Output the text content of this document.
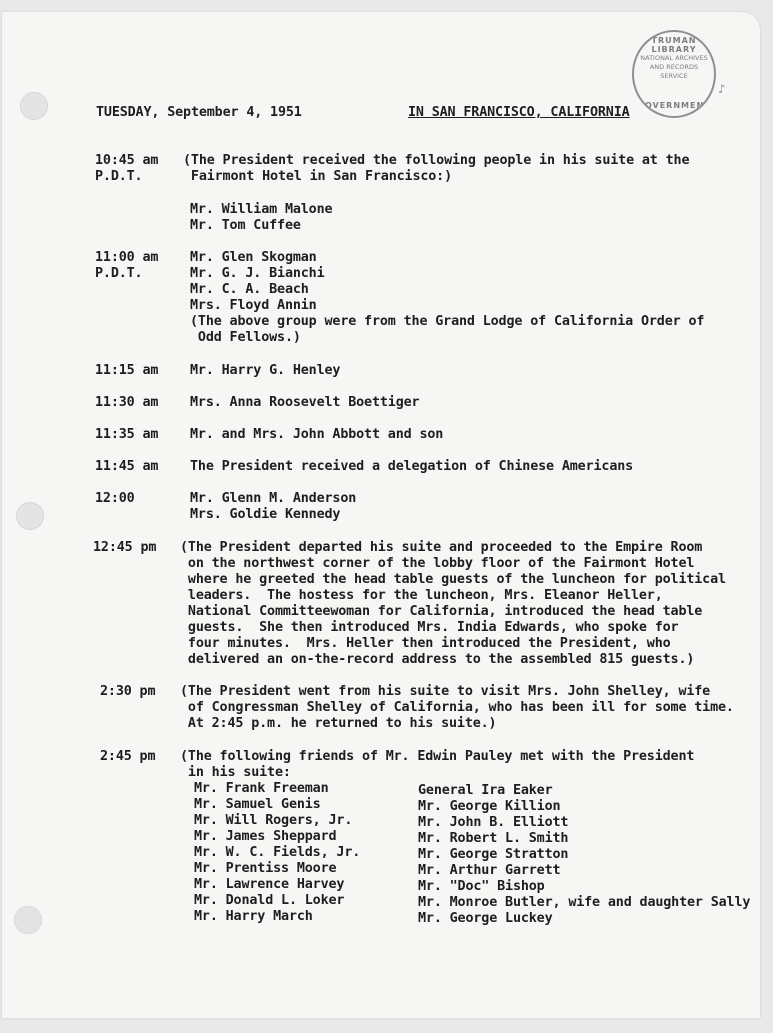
TRUMAN LIBRARY
NATIONAL ARCHIVES AND RECORDS SERVICE
GOVERNMENT
♪
TUESDAY, September 4, 1951	IN SAN FRANCISCO, CALIFORNIA
10:45 am
P.D.T.
(The President received the following people in his suite at the
Fairmont Hotel in San Francisco:)
Mr. William Malone
Mr. Tom Cuffee
11:00 am
P.D.T.
Mr. Glen Skogman
Mr. G. J. Bianchi
Mr. C. A. Beach
Mrs. Floyd Annin
(The above group were from the Grand Lodge of California Order of
Odd Fellows.)
11:15 am Mr. Harry G. Henley
11:30 am Mrs. Anna Roosevelt Boettiger
11:35 am Mr. and Mrs. John Abbott and son
11:45 am The President received a delegation of Chinese Americans
12:00	Mr. Glenn M. Anderson
Mrs. Goldie Kennedy
12:45 pm (The President departed his suite and proceeded to the Empire Room
on the northwest corner of the lobby floor of the Fairmont Hotel
where he greeted the head table guests of the luncheon for political
leaders.  The hostess for the luncheon, Mrs. Eleanor Heller,
National Committeewoman for California, introduced the head table
guests.  She then introduced Mrs. India Edwards, who spoke for
four minutes.  Mrs. Heller then introduced the President, who
delivered an on-the-record address to the assembled 815 guests.)
2:30 pm (The President went from his suite to visit Mrs. John Shelley, wife
of Congressman Shelley of California, who has been ill for some time.
At 2:45 p.m. he returned to his suite.)
2:45 pm (The following friends of Mr. Edwin Pauley met with the President
in his suite:
Mr. Frank Freeman
Mr. Samuel Genis
Mr. Will Rogers, Jr.
Mr. James Sheppard
Mr. W. C. Fields, Jr.
Mr. Prentiss Moore
Mr. Lawrence Harvey
Mr. Donald L. Loker
Mr. Harry March
General Ira Eaker
Mr. George Killion
Mr. John B. Elliott
Mr. Robert L. Smith
Mr. George Stratton
Mr. Arthur Garrett
Mr. "Doc" Bishop
Mr. Monroe Butler, wife and daughter Sally
Mr. George Luckey
